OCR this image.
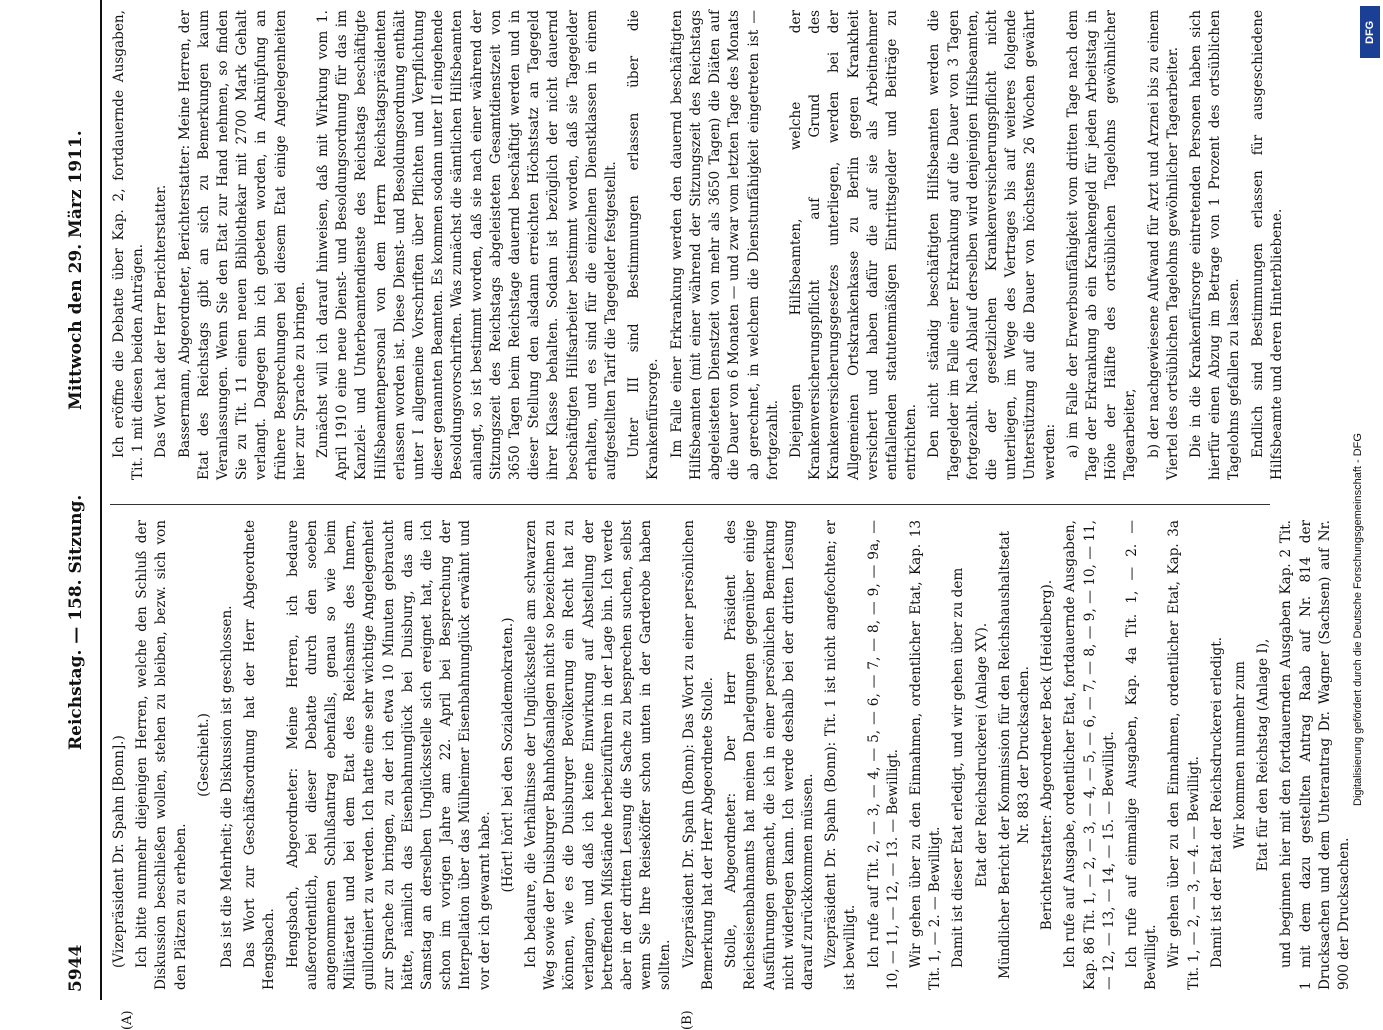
5944
Reichstag. — 158. Sitzung.
Mittwoch den 29. März 1911.

(Vizepräsident Dr. Spahn [Bonn].) Ich bitte nunmehr diejenigen Herren, welche den Schluß der Diskussion beschließen wollen, stehen zu bleiben, bezw. sich von den Plätzen zu erheben.

(Geschieht.) Das ist die Mehrheit; die Diskussion ist geschlossen. Das Wort zur Geschäftsordnung hat der Herr Abgeordnete Hengsbach. Hengsbach, Abgeordneter: Meine Herren, ich bedaure außerordentlich, bei dieser Debatte durch den soeben angenommenen Schlußantrag ebenfalls, genau so wie beim Militäretat und bei dem Etat des Reichsamts des Innern, guillotiniert zu werden. Ich hatte eine sehr wichtige Angelegenheit zur Sprache zu bringen, zu der ich etwa 10 Minuten gebraucht hätte, nämlich das Eisenbahnunglück bei Duisburg, das am Samstag an derselben Unglücksstelle sich ereignet hat, die ich schon im vorigen Jahre am 22. April bei Besprechung der Interpellation über das Mülheimer Eisenbahnunglück erwähnt und vor der ich gewarnt habe.

(Hört! hört! bei den Sozialdemokraten.) Ich bedaure, die Verhältnisse der Unglücksstelle am schwarzen Weg sowie der Duisburger Bahnhofsanlagen nicht so bezeichnen zu können, wie es die Duisburger Bevölkerung ein Recht hat zu verlangen, und daß ich keine Einwirkung auf Abstellung der betreffenden Mißstände herbeizuführen in der Lage bin. Ich werde aber in der dritten Lesung die Sache zu besprechen suchen, selbst wenn Sie Ihre Reiseköffer schon unten in der Garderobe haben sollten. Vizepräsident Dr. Spahn (Bonn): Das Wort zu einer persönlichen Bemerkung hat der Herr Abgeordnete Stolle. Stolle, Abgeordneter: Der Herr Präsident des Reichseisenbahnamts hat meinen Darlegungen gegenüber einige Ausführungen gemacht, die ich in einer persönlichen Bemerkung nicht widerlegen kann. Ich werde deshalb bei der dritten Lesung darauf zurückkommen müssen. Vizepräsident Dr. Spahn (Bonn): Tit. 1 ist nicht angefochten; er ist bewilligt. Ich rufe auf Tit. 2, — 3, — 4, — 5, — 6, — 7, — 8, — 9, — 9a, — 10, — 11, — 12, — 13. — Bewilligt. Wir gehen über zu den Einnahmen, ordentlicher Etat, Kap. 13 Tit. 1, — 2. — Bewilligt. Damit ist dieser Etat erledigt, und wir gehen über zu dem Etat der Reichsdruckerei (Anlage XV). Mündlicher Bericht der Kommission für den Reichshaushaltsetat Nr. 883 der Drucksachen. Berichterstatter: Abgeordneter Beck (Heidelberg). Ich rufe auf Ausgabe, ordentlicher Etat, fortdauernde Ausgaben, Kap. 86 Tit. 1, — 2, — 3, — 4, — 5, — 6, — 7, — 8, — 9, — 10, — 11, — 12, — 13, — 14, — 15. — Bewilligt. Ich rufe auf einmalige Ausgaben, Kap. 4a Tit. 1, — 2. — Bewilligt. Wir gehen über zu den Einnahmen, ordentlicher Etat, Kap. 3a Tit. 1, — 2, — 3, — 4. — Bewilligt. Damit ist der Etat der Reichsdruckerei erledigt. Wir kommen nunmehr zum Etat für den Reichstag (Anlage I), und beginnen hier mit den fortdauernden Ausgaben Kap. 2 Tit. 1 mit dem dazu gestellten Antrag Raab auf Nr. 814 der Drucksachen und dem Unterantrag Dr. Wagner (Sachsen) auf Nr. 900 der Drucksachen.

Ich eröffne die Debatte über Kap. 2, fortdauernde Ausgaben, Tit. 1 mit diesen beiden Anträgen. Das Wort hat der Herr Berichterstatter. Bassermann, Abgeordneter, Berichterstatter: Meine Herren, der Etat des Reichstags gibt an sich zu Bemerkungen kaum Veranlassungen. Wenn Sie den Etat zur Hand nehmen, so finden Sie zu Tit. 11 einen neuen Bibliothekar mit 2700 Mark Gehalt verlangt. Dagegen bin ich gebeten worden, in Anknüpfung an frühere Besprechungen bei diesem Etat einige Angelegenheiten hier zur Sprache zu bringen. Zunächst will ich darauf hinweisen, daß mit Wirkung vom 1. April 1910 eine neue Dienst- und Besoldungsordnung für das im Kanzlei- und Unterbeamtendienste des Reichstags beschäftigte Hilfsbeamtenpersonal von dem Herrn Reichstagspräsidenten erlassen worden ist. Diese Dienst- und Besoldungsordnung enthält unter I allgemeine Vorschriften über Pflichten und Verpflichtung dieser genannten Beamten. Es kommen sodann unter II eingehende Besoldungsvorschriften. Was zunächst die sämtlichen Hilfsbeamten anlangt, so ist bestimmt worden, daß sie nach einer während der Sitzungszeit des Reichstags abgeleisteten Gesamtdienstzeit von 3650 Tagen beim Reichstage dauernd beschäftigt werden und in dieser Stellung den alsdann erreichten Höchstsatz an Tagegeld ihrer Klasse behalten. Sodann ist bezüglich der nicht dauernd beschäftigten Hilfsarbeiter bestimmt worden, daß sie Tagegelder erhalten, und es sind für die einzelnen Dienstklassen in einem aufgestellten Tarif die Tagegelder festgestellt. Unter III sind Bestimmungen erlassen über die Krankenfürsorge. Im Falle einer Erkrankung werden den dauernd beschäftigten Hilfsbeamten (mit einer während der Sitzungszeit des Reichstags abgeleisteten Dienstzeit von mehr als 3650 Tagen) die Diäten auf die Dauer von 6 Monaten — und zwar vom letzten Tage des Monats ab gerechnet, in welchem die Dienstunfähigkeit eingetreten ist — fortgezahlt. Diejenigen Hilfsbeamten, welche der Krankenversicherungspflicht auf Grund des Krankenversicherungsgesetzes unterliegen, werden bei der Allgemeinen Ortskrankenkasse zu Berlin gegen Krankheit versichert und haben dafür die auf sie als Arbeitnehmer entfallenden statutenmäßigen Eintrittsgelder und Beiträge zu entrichten. Den nicht ständig beschäftigten Hilfsbeamten werden die Tagegelder im Falle einer Erkrankung auf die Dauer von 3 Tagen fortgezahlt. Nach Ablauf derselben wird denjenigen Hilfsbeamten, die der gesetzlichen Krankenversicherungspflicht nicht unterliegen, im Wege des Vertrages bis auf weiteres folgende Unterstützung auf die Dauer von höchstens 26 Wochen gewährt werden: a) im Falle der Erwerbsunfähigkeit vom dritten Tage nach dem Tage der Erkrankung ab ein Krankengeld für jeden Arbeitstag in Höhe der Hälfte des ortsüblichen Tagelohns gewöhnlicher Tagearbeiter, b) der nachgewiesene Aufwand für Arzt und Arznei bis zu einem Viertel des ortsüblichen Tagelohns gewöhnlicher Tagearbeiter. Die in die Krankenfürsorge eintretenden Personen haben sich hierfür einen Abzug im Betrage von 1 Prozent des ortsüblichen Tagelohns gefallen zu lassen. Endlich sind Bestimmungen erlassen für ausgeschiedene Hilfsbeamte und deren Hinterbliebene.

(A)	(B)
DFG
Digitalisierung gefördert durch die Deutsche Forschungsgemeinschaft - DFG
